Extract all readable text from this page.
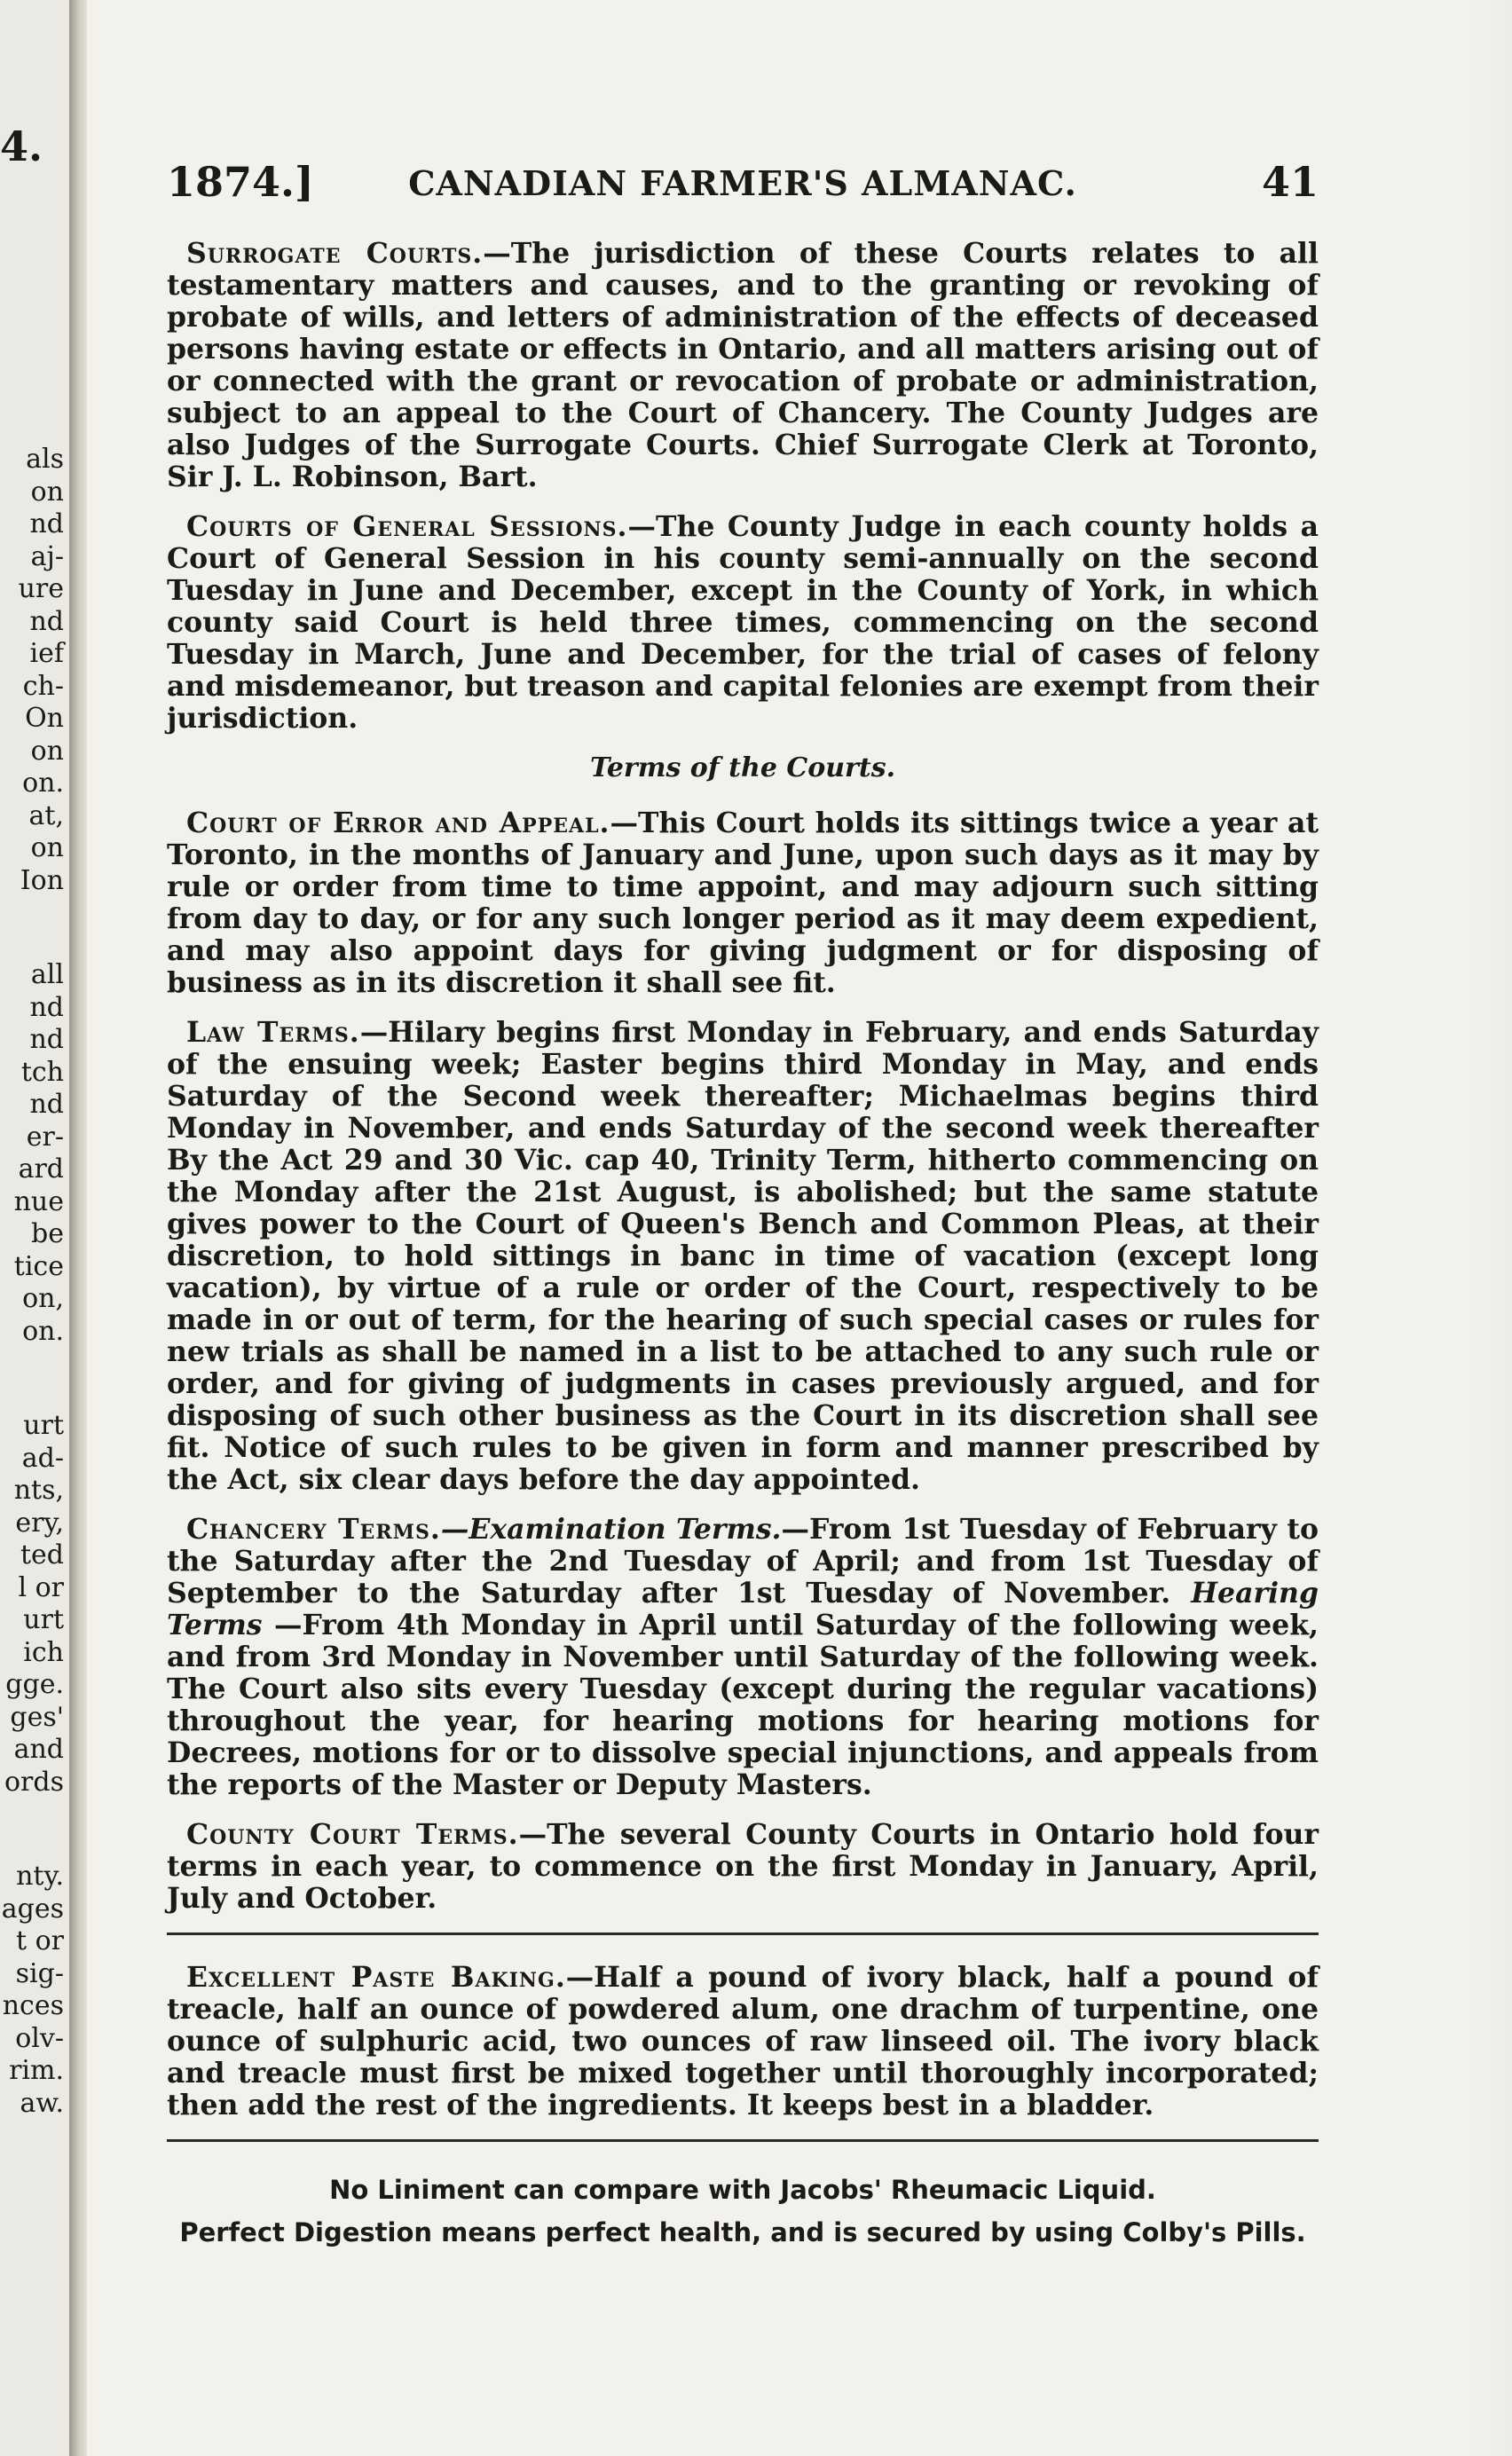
4.
als
on
nd
aj-
ure
nd
ief
ch-
On
on
on.
at,
on
Ion
all
nd
nd
tch
nd
er-
ard
nue
be
tice
on,
on.
urt
ad-
nts,
ery,
ted
l or
urt
ich
gge.
ges'
and
ords
nty.
ages
t or
sig-
nces
olv-
rim.
aw.
1874.]	CANADIAN FARMER'S ALMANAC.	41

Surrogate Courts.—The jurisdiction of these Courts relates to all testamentary matters and causes, and to the granting or revoking of probate of wills, and letters of administration of the effects of deceased persons having estate or effects in Ontario, and all matters arising out of or connected with the grant or revocation of probate or administration, subject to an appeal to the Court of Chancery. The County Judges are also Judges of the Surrogate Courts. Chief Surrogate Clerk at Toronto, Sir J. L. Robinson, Bart.

Courts of General Sessions.—The County Judge in each county holds a Court of General Session in his county semi-annually on the second Tuesday in June and December, except in the County of York, in which county said Court is held three times, commencing on the second Tuesday in March, June and December, for the trial of cases of felony and misdemeanor, but treason and capital felonies are exempt from their jurisdiction.

Terms of the Courts.

Court of Error and Appeal.—This Court holds its sittings twice a year at Toronto, in the months of January and June, upon such days as it may by rule or order from time to time appoint, and may adjourn such sitting from day to day, or for any such longer period as it may deem expedient, and may also appoint days for giving judgment or for disposing of business as in its discretion it shall see fit.

Law Terms.—Hilary begins first Monday in February, and ends Saturday of the ensuing week; Easter begins third Monday in May, and ends Saturday of the Second week thereafter; Michaelmas begins third Monday in November, and ends Saturday of the second week thereafter By the Act 29 and 30 Vic. cap 40, Trinity Term, hitherto commencing on the Monday after the 21st August, is abolished; but the same statute gives power to the Court of Queen's Bench and Common Pleas, at their discretion, to hold sittings in banc in time of vacation (except long vacation), by virtue of a rule or order of the Court, respectively to be made in or out of term, for the hearing of such special cases or rules for new trials as shall be named in a list to be attached to any such rule or order, and for giving of judgments in cases previously argued, and for disposing of such other business as the Court in its discretion shall see fit. Notice of such rules to be given in form and manner prescribed by the Act, six clear days before the day appointed.

Chancery Terms.—Examination Terms.—From 1st Tuesday of February to the Saturday after the 2nd Tuesday of April; and from 1st Tuesday of September to the Saturday after 1st Tuesday of November. Hearing Terms —From 4th Monday in April until Saturday of the following week, and from 3rd Monday in November until Saturday of the following week. The Court also sits every Tuesday (except during the regular vacations) throughout the year, for hearing motions for hearing motions for Decrees, motions for or to dissolve special injunctions, and appeals from the reports of the Master or Deputy Masters.

County Court Terms.—The several County Courts in Ontario hold four terms in each year, to commence on the first Monday in January, April, July and October.

Excellent Paste Baking.—Half a pound of ivory black, half a pound of treacle, half an ounce of powdered alum, one drachm of turpentine, one ounce of sulphuric acid, two ounces of raw linseed oil. The ivory black and treacle must first be mixed together until thoroughly incorporated; then add the rest of the ingredients. It keeps best in a bladder.

No Liniment can compare with Jacobs' Rheumacic Liquid.
Perfect Digestion means perfect health, and is secured by using Colby's Pills.
